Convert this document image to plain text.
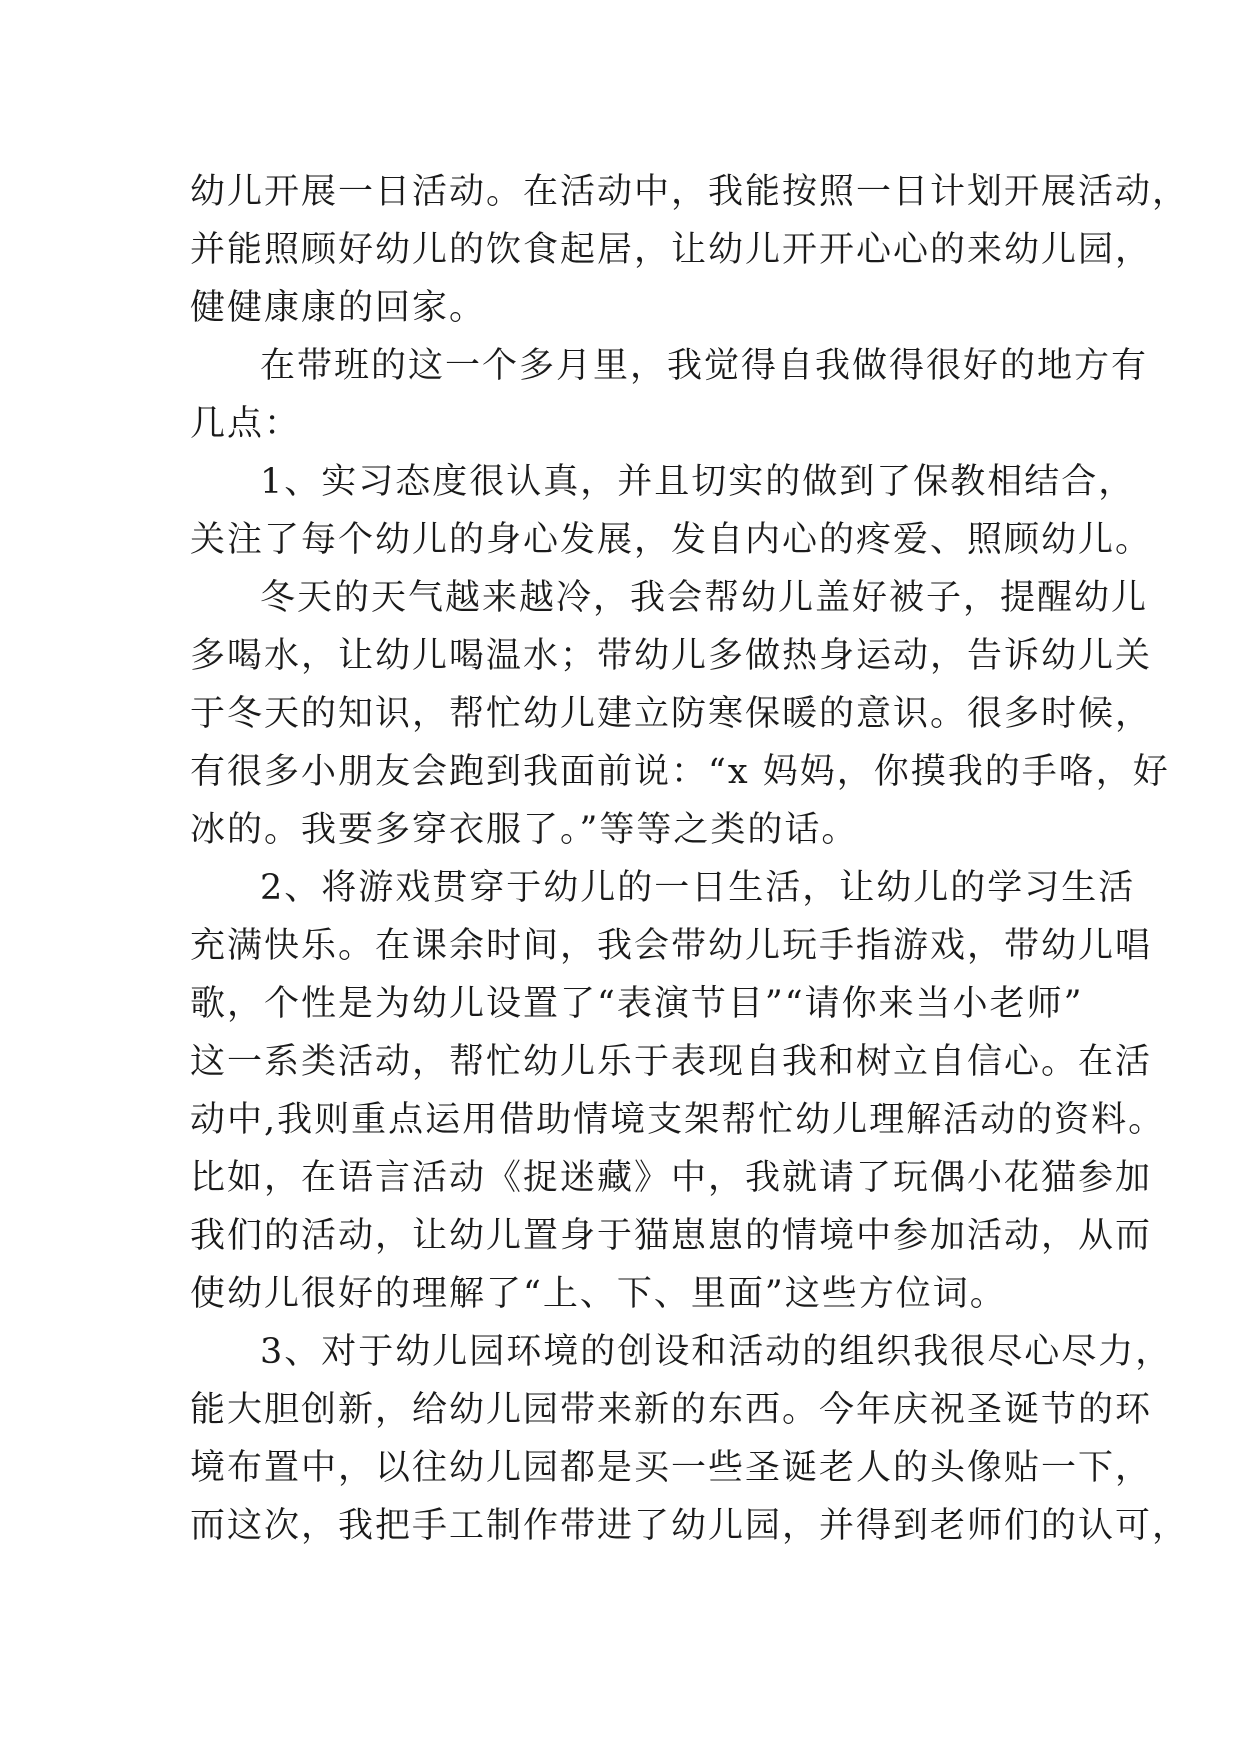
幼儿开展一日活动。在活动中，我能按照一日计划开展活动，
并能照顾好幼儿的饮食起居，让幼儿开开心心的来幼儿园，
健健康康的回家。
在带班的这一个多月里，我觉得自我做得很好的地方有
几点：
1、实习态度很认真，并且切实的做到了保教相结合，
关注了每个幼儿的身心发展，发自内心的疼爱、照顾幼儿。
冬天的天气越来越冷，我会帮幼儿盖好被子，提醒幼儿
多喝水，让幼儿喝温水；带幼儿多做热身运动，告诉幼儿关
于冬天的知识，帮忙幼儿建立防寒保暖的意识。很多时候，
有很多小朋友会跑到我面前说：“x 妈妈，你摸我的手咯，好
冰的。我要多穿衣服了。”等等之类的话。
2、将游戏贯穿于幼儿的一日生活，让幼儿的学习生活
充满快乐。在课余时间，我会带幼儿玩手指游戏，带幼儿唱
歌，个性是为幼儿设置了“表演节目”“请你来当小老师”
这一系类活动，帮忙幼儿乐于表现自我和树立自信心。在活
动中,我则重点运用借助情境支架帮忙幼儿理解活动的资料。
比如，在语言活动《捉迷藏》中，我就请了玩偶小花猫参加
我们的活动，让幼儿置身于猫崽崽的情境中参加活动，从而
使幼儿很好的理解了“上、下、里面”这些方位词。
3、对于幼儿园环境的创设和活动的组织我很尽心尽力，
能大胆创新，给幼儿园带来新的东西。今年庆祝圣诞节的环
境布置中，以往幼儿园都是买一些圣诞老人的头像贴一下，
而这次，我把手工制作带进了幼儿园，并得到老师们的认可，
